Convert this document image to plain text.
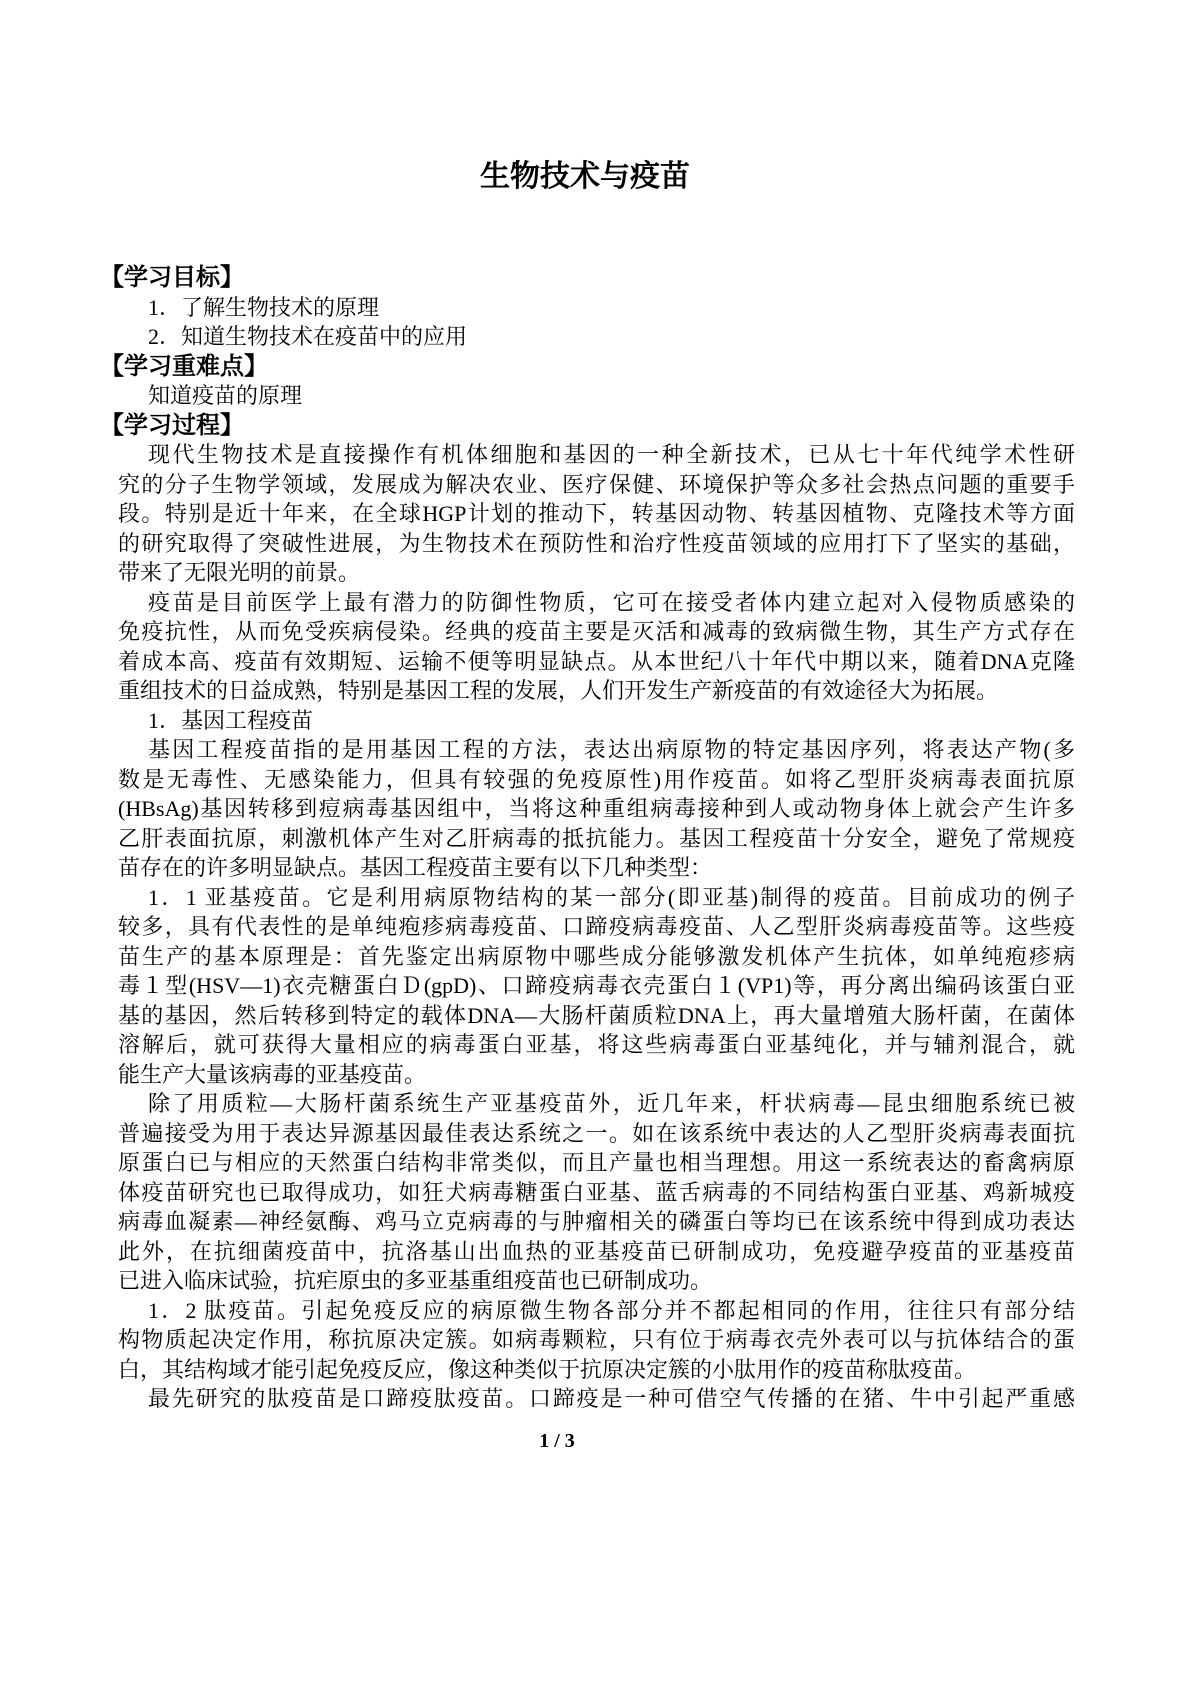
生物技术与疫苗
【学习目标】
1．了解生物技术的原理
2．知道生物技术在疫苗中的应用
【学习重难点】
知道疫苗的原理
【学习过程】
现代生物技术是直接操作有机体细胞和基因的一种全新技术，已从七十年代纯学术性研
究的分子生物学领域，发展成为解决农业、医疗保健、环境保护等众多社会热点问题的重要手
段。特别是近十年来，在全球HGP计划的推动下，转基因动物、转基因植物、克隆技术等方面
的研究取得了突破性进展，为生物技术在预防性和治疗性疫苗领域的应用打下了坚实的基础，
带来了无限光明的前景。
疫苗是目前医学上最有潜力的防御性物质，它可在接受者体内建立起对入侵物质感染的
免疫抗性，从而免受疾病侵染。经典的疫苗主要是灭活和减毒的致病微生物，其生产方式存在
着成本高、疫苗有效期短、运输不便等明显缺点。从本世纪八十年代中期以来，随着DNA克隆
重组技术的日益成熟，特别是基因工程的发展，人们开发生产新疫苗的有效途径大为拓展。
1．基因工程疫苗
基因工程疫苗指的是用基因工程的方法，表达出病原物的特定基因序列，将表达产物(多
数是无毒性、无感染能力，但具有较强的免疫原性)用作疫苗。如将乙型肝炎病毒表面抗原
(HBsAg)基因转移到痘病毒基因组中，当将这种重组病毒接种到人或动物身体上就会产生许多
乙肝表面抗原，刺激机体产生对乙肝病毒的抵抗能力。基因工程疫苗十分安全，避免了常规疫
苗存在的许多明显缺点。基因工程疫苗主要有以下几种类型：
1．1 亚基疫苗。它是利用病原物结构的某一部分(即亚基)制得的疫苗。目前成功的例子
较多，具有代表性的是单纯疱疹病毒疫苗、口蹄疫病毒疫苗、人乙型肝炎病毒疫苗等。这些疫
苗生产的基本原理是：首先鉴定出病原物中哪些成分能够激发机体产生抗体，如单纯疱疹病
毒１型(HSV—1)衣壳糖蛋白Ｄ(gpD)、口蹄疫病毒衣壳蛋白１(VP1)等，再分离出编码该蛋白亚
基的基因，然后转移到特定的载体DNA—大肠杆菌质粒DNA上，再大量增殖大肠杆菌，在菌体
溶解后，就可获得大量相应的病毒蛋白亚基，将这些病毒蛋白亚基纯化，并与辅剂混合，就
能生产大量该病毒的亚基疫苗。
除了用质粒—大肠杆菌系统生产亚基疫苗外，近几年来，杆状病毒—昆虫细胞系统已被
普遍接受为用于表达异源基因最佳表达系统之一。如在该系统中表达的人乙型肝炎病毒表面抗
原蛋白已与相应的天然蛋白结构非常类似，而且产量也相当理想。用这一系统表达的畜禽病原
体疫苗研究也已取得成功，如狂犬病毒糖蛋白亚基、蓝舌病毒的不同结构蛋白亚基、鸡新城疫
病毒血凝素—神经氨酶、鸡马立克病毒的与肿瘤相关的磷蛋白等均已在该系统中得到成功表达
此外，在抗细菌疫苗中，抗洛基山出血热的亚基疫苗已研制成功，免疫避孕疫苗的亚基疫苗
已进入临床试验，抗疟原虫的多亚基重组疫苗也已研制成功。
1．2 肽疫苗。引起免疫反应的病原微生物各部分并不都起相同的作用，往往只有部分结
构物质起决定作用，称抗原决定簇。如病毒颗粒，只有位于病毒衣壳外表可以与抗体结合的蛋
白，其结构域才能引起免疫反应，像这种类似于抗原决定簇的小肽用作的疫苗称肽疫苗。
最先研究的肽疫苗是口蹄疫肽疫苗。口蹄疫是一种可借空气传播的在猪、牛中引起严重感
1 / 3
